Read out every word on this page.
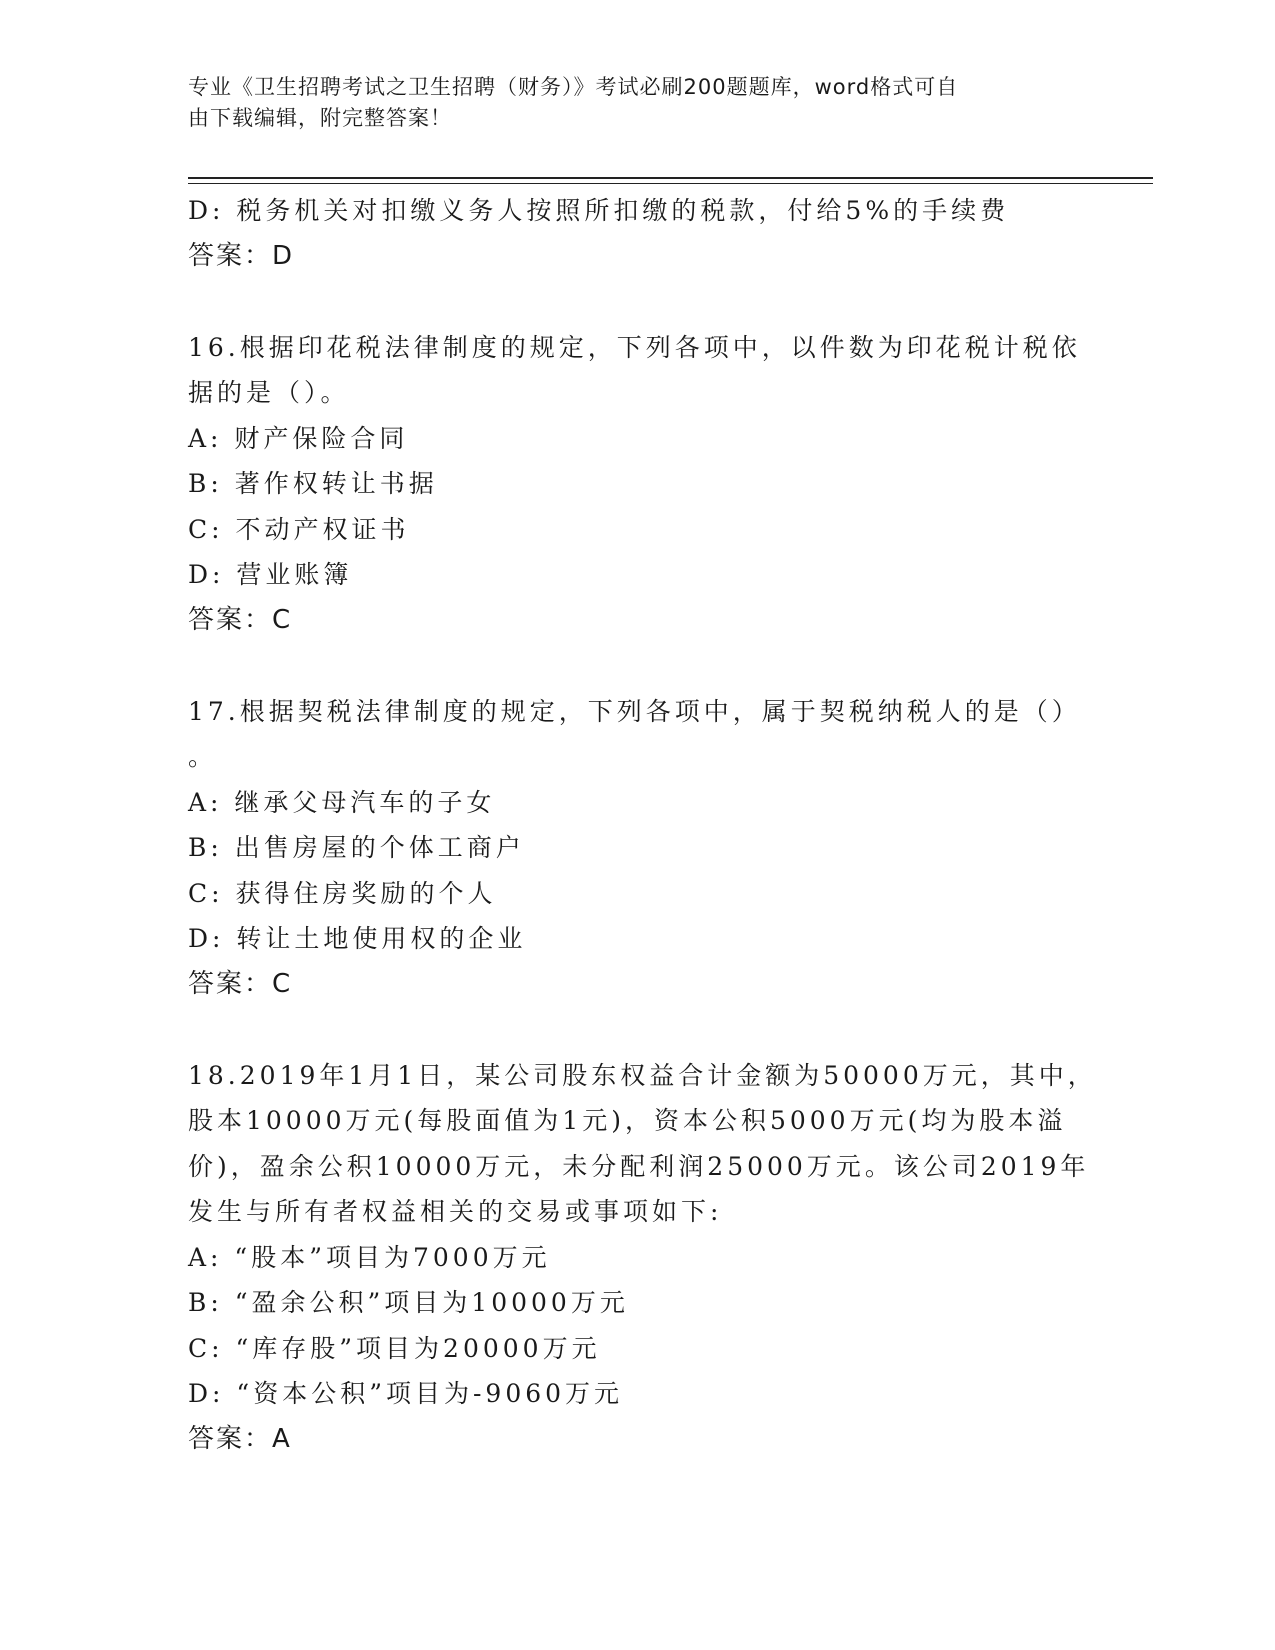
专业《卫生招聘考试之卫生招聘（财务）》考试必刷200题题库，word格式可自
由下载编辑，附完整答案！
D: 税务机关对扣缴义务人按照所扣缴的税款，付给5%的手续费
答案：D
16.根据印花税法律制度的规定，下列各项中，以件数为印花税计税依
据的是（）。
A: 财产保险合同
B: 著作权转让书据
C: 不动产权证书
D: 营业账簿
答案：C
17.根据契税法律制度的规定，下列各项中，属于契税纳税人的是（）
。
A: 继承父母汽车的子女
B: 出售房屋的个体工商户
C: 获得住房奖励的个人
D: 转让土地使用权的企业
答案：C
18.2019年1月1日，某公司股东权益合计金额为50000万元，其中，
股本10000万元(每股面值为1元)，资本公积5000万元(均为股本溢
价)，盈余公积10000万元，未分配利润25000万元。该公司2019年
发生与所有者权益相关的交易或事项如下:
A: “股本”项目为7000万元
B: “盈余公积”项目为10000万元
C: “库存股”项目为20000万元
D: “资本公积”项目为-9060万元
答案：A
